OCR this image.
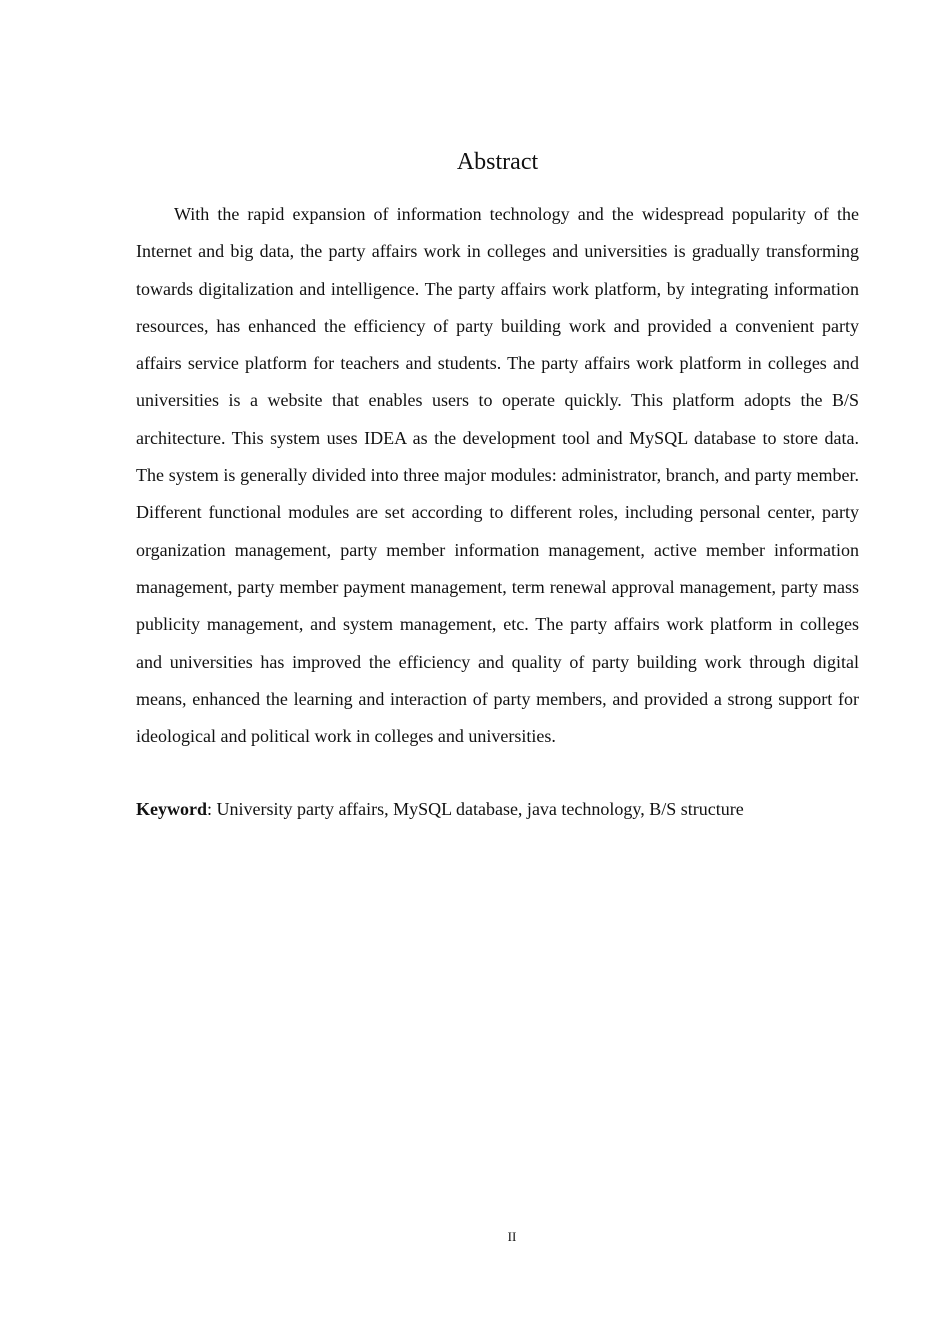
Abstract

With the rapid expansion of information technology and the widespread popularity of the Internet and big data, the party affairs work in colleges and universities is gradually transforming towards digitalization and intelligence. The party affairs work platform, by integrating information resources, has enhanced the efficiency of party building work and provided a convenient party affairs service platform for teachers and students. The party affairs work platform in colleges and universities is a website that enables users to operate quickly. This platform adopts the B/S architecture. This system uses IDEA as the development tool and MySQL database to store data. The system is generally divided into three major modules: administrator, branch, and party member. Different functional modules are set according to different roles, including personal center, party organization management, party member information management, active member information management, party member payment management, term renewal approval management, party mass publicity management, and system management, etc. The party affairs work platform in colleges and universities has improved the efficiency and quality of party building work through digital means, enhanced the learning and interaction of party members, and provided a strong support for ideological and political work in colleges and universities.

Keyword: University party affairs, MySQL database, java technology, B/S structure

II
